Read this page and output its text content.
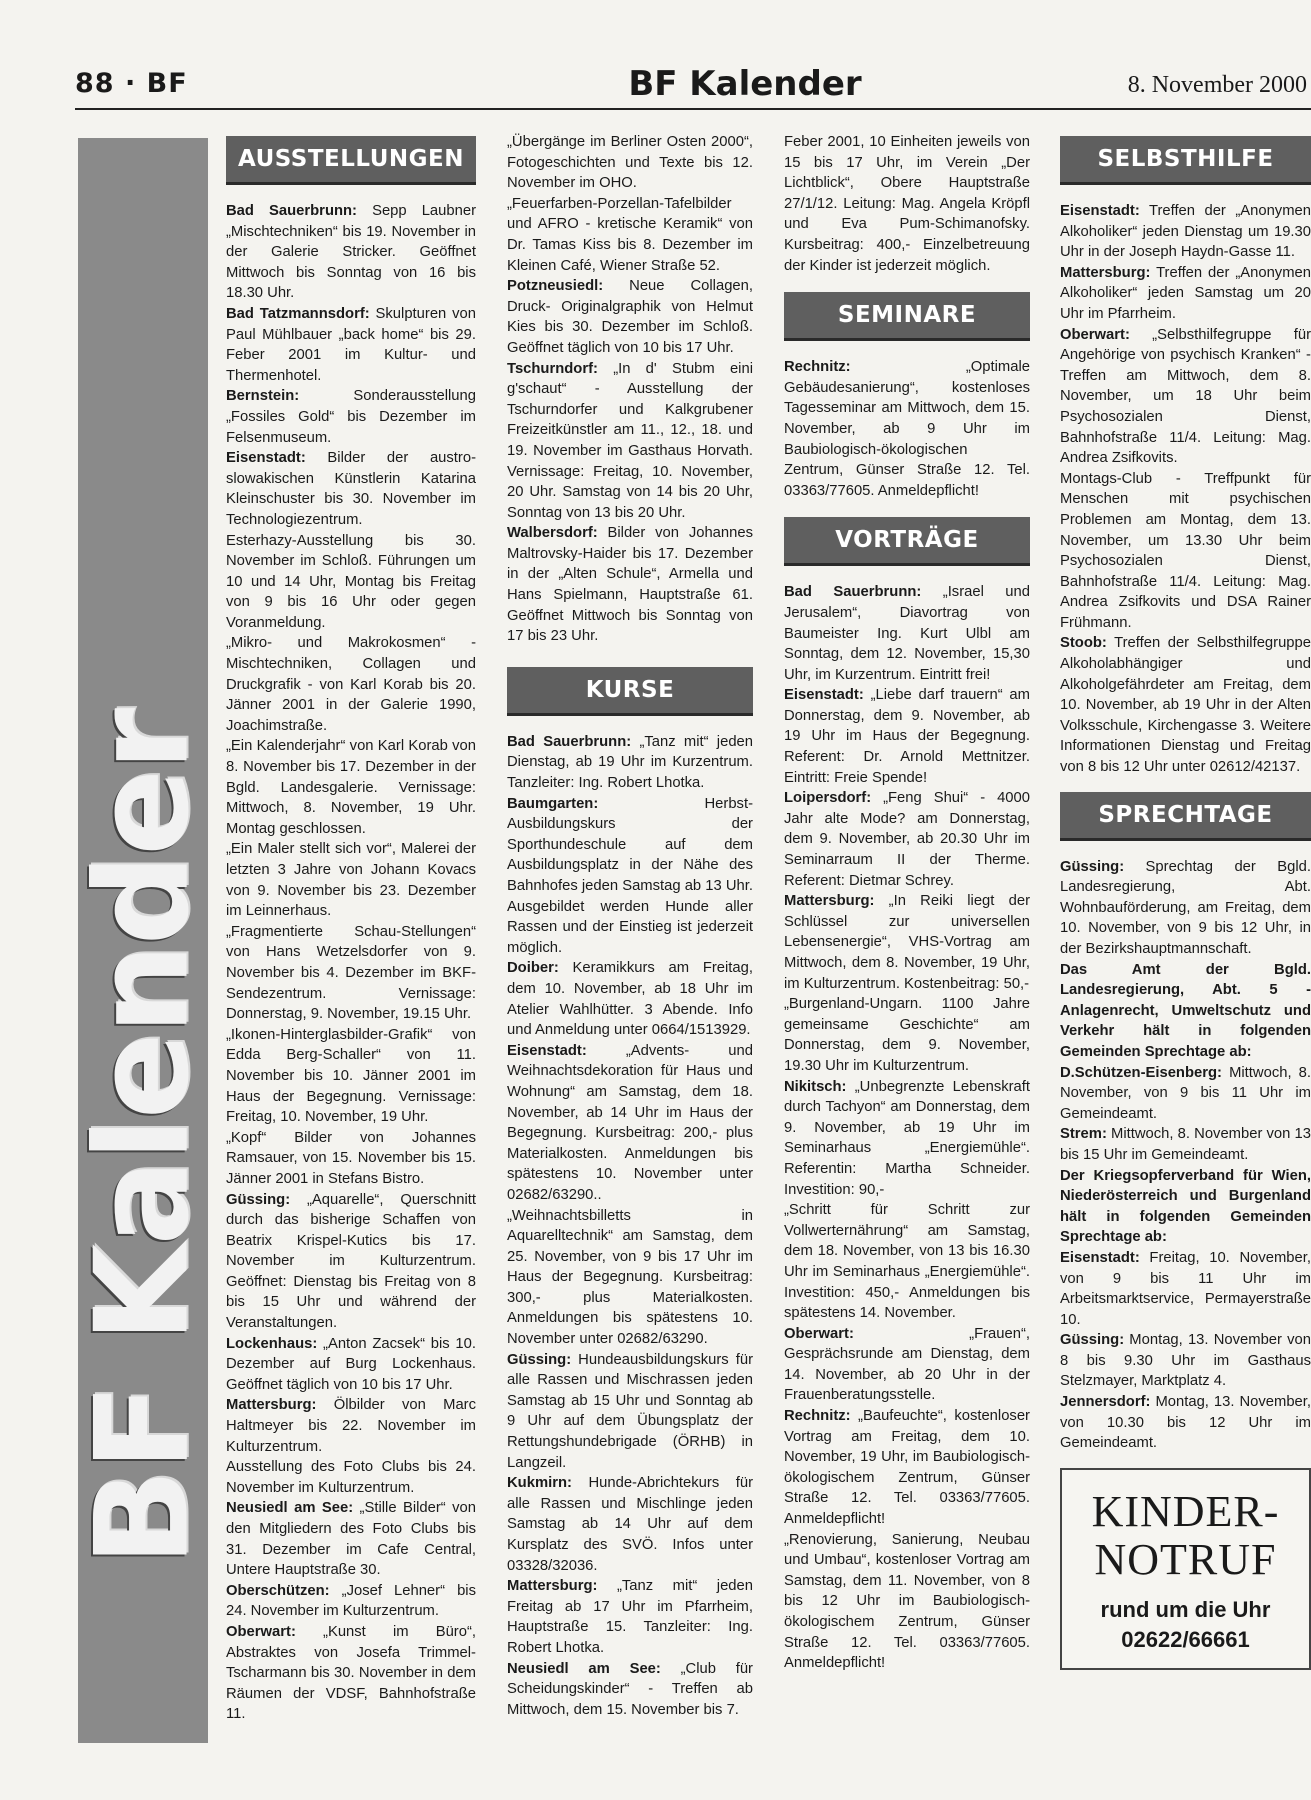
88 · BF	BF Kalender	8. November 2000
BF Kalender
AUSSTELLUNGEN

Bad Sauerbrunn: Sepp Laubner „Mischtechniken“ bis 19. November in der Galerie Stricker. Geöffnet Mittwoch bis Sonntag von 16 bis 18.30 Uhr.

Bad Tatzmannsdorf: Skulpturen von Paul Mühlbauer „back home“ bis 29. Feber 2001 im Kultur- und Thermenhotel.

Bernstein: Sonderausstellung „Fossiles Gold“ bis Dezember im Felsenmuseum.

Eisenstadt: Bilder der austro-slowakischen Künstlerin Katarina Kleinschuster bis 30. November im Technologiezentrum.

Esterhazy-Ausstellung bis 30. November im Schloß. Führungen um 10 und 14 Uhr, Montag bis Freitag von 9 bis 16 Uhr oder gegen Voranmeldung.

„Mikro- und Makrokosmen“ - Mischtechniken, Collagen und Druckgrafik - von Karl Korab bis 20. Jänner 2001 in der Galerie 1990, Joachimstraße.

„Ein Kalenderjahr“ von Karl Korab von 8. November bis 17. Dezember in der Bgld. Landesgalerie. Vernissage: Mittwoch, 8. November, 19 Uhr. Montag geschlossen.

„Ein Maler stellt sich vor“, Malerei der letzten 3 Jahre von Johann Kovacs von 9. November bis 23. Dezember im Leinnerhaus.

„Fragmentierte Schau-Stellungen“ von Hans Wetzelsdorfer von 9. November bis 4. Dezember im BKF-Sendezentrum. Vernissage: Donnerstag, 9. November, 19.15 Uhr.

„Ikonen-Hinterglasbilder-Grafik“ von Edda Berg-Schaller“ von 11. November bis 10. Jänner 2001 im Haus der Begegnung. Vernissage: Freitag, 10. November, 19 Uhr.

„Kopf“ Bilder von Johannes Ramsauer, von 15. November bis 15. Jänner 2001 in Stefans Bistro.

Güssing: „Aquarelle“, Querschnitt durch das bisherige Schaffen von Beatrix Krispel-Kutics bis 17. November im Kulturzentrum. Geöffnet: Dienstag bis Freitag von 8 bis 15 Uhr und während der Veranstaltungen.

Lockenhaus: „Anton Zacsek“ bis 10. Dezember auf Burg Lockenhaus. Geöffnet täglich von 10 bis 17 Uhr.

Mattersburg: Ölbilder von Marc Haltmeyer bis 22. November im Kulturzentrum.

Ausstellung des Foto Clubs bis 24. November im Kulturzentrum.

Neusiedl am See: „Stille Bilder“ von den Mitgliedern des Foto Clubs bis 31. Dezember im Cafe Central, Untere Hauptstraße 30.

Oberschützen: „Josef Lehner“ bis 24. November im Kulturzentrum.

Oberwart: „Kunst im Büro“, Abstraktes von Josefa Trimmel-Tscharmann bis 30. November in dem Räumen der VDSF, Bahnhofstraße 11.

„Übergänge im Berliner Osten 2000“, Fotogeschichten und Texte bis 12. November im OHO.

„Feuerfarben-Porzellan-Tafelbilder und AFRO - kretische Keramik“ von Dr. Tamas Kiss bis 8. Dezember im Kleinen Café, Wiener Straße 52.

Potzneusiedl: Neue Collagen, Druck- Originalgraphik von Helmut Kies bis 30. Dezember im Schloß. Geöffnet täglich von 10 bis 17 Uhr.

Tschurndorf: „In d' Stubm eini g'schaut“ - Ausstellung der Tschurndorfer und Kalkgrubener Freizeitkünstler am 11., 12., 18. und 19. November im Gasthaus Horvath. Vernissage: Freitag, 10. November, 20 Uhr. Samstag von 14 bis 20 Uhr, Sonntag von 13 bis 20 Uhr.

Walbersdorf: Bilder von Johannes Maltrovsky-Haider bis 17. Dezember in der „Alten Schule“, Armella und Hans Spielmann, Hauptstraße 61. Geöffnet Mittwoch bis Sonntag von 17 bis 23 Uhr.

KURSE

Bad Sauerbrunn: „Tanz mit“ jeden Dienstag, ab 19 Uhr im Kurzentrum. Tanzleiter: Ing. Robert Lhotka.

Baumgarten: Herbst-Ausbildungskurs der Sporthundeschule auf dem Ausbildungsplatz in der Nähe des Bahnhofes jeden Samstag ab 13 Uhr. Ausgebildet werden Hunde aller Rassen und der Einstieg ist jederzeit möglich.

Doiber: Keramikkurs am Freitag, dem 10. November, ab 18 Uhr im Atelier Wahlhütter. 3 Abende. Info und Anmeldung unter 0664/1513929.

Eisenstadt: „Advents- und Weihnachtsdekoration für Haus und Wohnung“ am Samstag, dem 18. November, ab 14 Uhr im Haus der Begegnung. Kursbeitrag: 200,- plus Materialkosten. Anmeldungen bis spätestens 10. November unter 02682/63290..

„Weihnachtsbilletts in Aquarelltechnik“ am Samstag, dem 25. November, von 9 bis 17 Uhr im Haus der Begegnung. Kursbeitrag: 300,- plus Materialkosten. Anmeldungen bis spätestens 10. November unter 02682/63290.

Güssing: Hundeausbildungskurs für alle Rassen und Mischrassen jeden Samstag ab 15 Uhr und Sonntag ab 9 Uhr auf dem Übungsplatz der Rettungshundebrigade (ÖRHB) in Langzeil.

Kukmirn: Hunde-Abrichtekurs für alle Rassen und Mischlinge jeden Samstag ab 14 Uhr auf dem Kursplatz des SVÖ. Infos unter 03328/32036.

Mattersburg: „Tanz mit“ jeden Freitag ab 17 Uhr im Pfarrheim, Hauptstraße 15. Tanzleiter: Ing. Robert Lhotka.

Neusiedl am See: „Club für Scheidungskinder“ - Treffen ab Mittwoch, dem 15. November bis 7.

Feber 2001, 10 Einheiten jeweils von 15 bis 17 Uhr, im Verein „Der Lichtblick“, Obere Hauptstraße 27/1/12. Leitung: Mag. Angela Kröpfl und Eva Pum-Schimanofsky. Kursbeitrag: 400,- Einzelbetreuung der Kinder ist jederzeit möglich.

SEMINARE

Rechnitz: „Optimale Gebäudesanierung“, kostenloses Tagesseminar am Mittwoch, dem 15. November, ab 9 Uhr im Baubiologisch-ökologischen Zentrum, Günser Straße 12. Tel. 03363/77605. Anmeldepflicht!

VORTRÄGE

Bad Sauerbrunn: „Israel und Jerusalem“, Diavortrag von Baumeister Ing. Kurt Ulbl am Sonntag, dem 12. November, 15,30 Uhr, im Kurzentrum. Eintritt frei!

Eisenstadt: „Liebe darf trauern“ am Donnerstag, dem 9. November, ab 19 Uhr im Haus der Begegnung. Referent: Dr. Arnold Mettnitzer. Eintritt: Freie Spende!

Loipersdorf: „Feng Shui“ - 4000 Jahr alte Mode? am Donnerstag, dem 9. November, ab 20.30 Uhr im Seminarraum II der Therme. Referent: Dietmar Schrey.

Mattersburg: „In Reiki liegt der Schlüssel zur universellen Lebensenergie“, VHS-Vortrag am Mittwoch, dem 8. November, 19 Uhr, im Kulturzentrum. Kostenbeitrag: 50,-

„Burgenland-Ungarn. 1100 Jahre gemeinsame Geschichte“ am Donnerstag, dem 9. November, 19.30 Uhr im Kulturzentrum.

Nikitsch: „Unbegrenzte Lebenskraft durch Tachyon“ am Donnerstag, dem 9. November, ab 19 Uhr im Seminarhaus „Energiemühle“. Referentin: Martha Schneider. Investition: 90,-

„Schritt für Schritt zur Vollwerternährung“ am Samstag, dem 18. November, von 13 bis 16.30 Uhr im Seminarhaus „Energiemühle“. Investition: 450,- Anmeldungen bis spätestens 14. November.

Oberwart: „Frauen“, Gesprächsrunde am Dienstag, dem 14. November, ab 20 Uhr in der Frauenberatungsstelle.

Rechnitz: „Baufeuchte“, kostenloser Vortrag am Freitag, dem 10. November, 19 Uhr, im Baubiologisch-ökologischem Zentrum, Günser Straße 12. Tel. 03363/77605. Anmeldepflicht!

„Renovierung, Sanierung, Neubau und Umbau“, kostenloser Vortrag am Samstag, dem 11. November, von 8 bis 12 Uhr im Baubiologisch-ökologischem Zentrum, Günser Straße 12. Tel. 03363/77605. Anmeldepflicht!

SELBSTHILFE

Eisenstadt: Treffen der „Anonymen Alkoholiker“ jeden Dienstag um 19.30 Uhr in der Joseph Haydn-Gasse 11.

Mattersburg: Treffen der „Anonymen Alkoholiker“ jeden Samstag um 20 Uhr im Pfarrheim.

Oberwart: „Selbsthilfegruppe für Angehörige von psychisch Kranken“ - Treffen am Mittwoch, dem 8. November, um 18 Uhr beim Psychosozialen Dienst, Bahnhofstraße 11/4. Leitung: Mag. Andrea Zsifkovits.

Montags-Club - Treffpunkt für Menschen mit psychischen Problemen am Montag, dem 13. November, um 13.30 Uhr beim Psychosozialen Dienst, Bahnhofstraße 11/4. Leitung: Mag. Andrea Zsifkovits und DSA Rainer Frühmann.

Stoob: Treffen der Selbsthilfegruppe Alkoholabhängiger und Alkoholgefährdeter am Freitag, dem 10. November, ab 19 Uhr in der Alten Volksschule, Kirchengasse 3. Weitere Informationen Dienstag und Freitag von 8 bis 12 Uhr unter 02612/42137.

SPRECHTAGE

Güssing: Sprechtag der Bgld. Landesregierung, Abt. Wohnbauförderung, am Freitag, dem 10. November, von 9 bis 12 Uhr, in der Bezirkshauptmannschaft.

Das Amt der Bgld. Landesregierung, Abt. 5 - Anlagenrecht, Umweltschutz und Verkehr hält in folgenden Gemeinden Sprechtage ab:

D.Schützen-Eisenberg: Mittwoch, 8. November, von 9 bis 11 Uhr im Gemeindeamt.

Strem: Mittwoch, 8. November von 13 bis 15 Uhr im Gemeindeamt.

Der Kriegsopferverband für Wien, Niederösterreich und Burgenland hält in folgenden Gemeinden Sprechtage ab:

Eisenstadt: Freitag, 10. November, von 9 bis 11 Uhr im Arbeitsmarktservice, Permayerstraße 10.

Güssing: Montag, 13. November von 8 bis 9.30 Uhr im Gasthaus Stelzmayer, Marktplatz 4.

Jennersdorf: Montag, 13. November, von 10.30 bis 12 Uhr im Gemeindeamt.

KINDER-
NOTRUF
rund um die Uhr
02622/66661
